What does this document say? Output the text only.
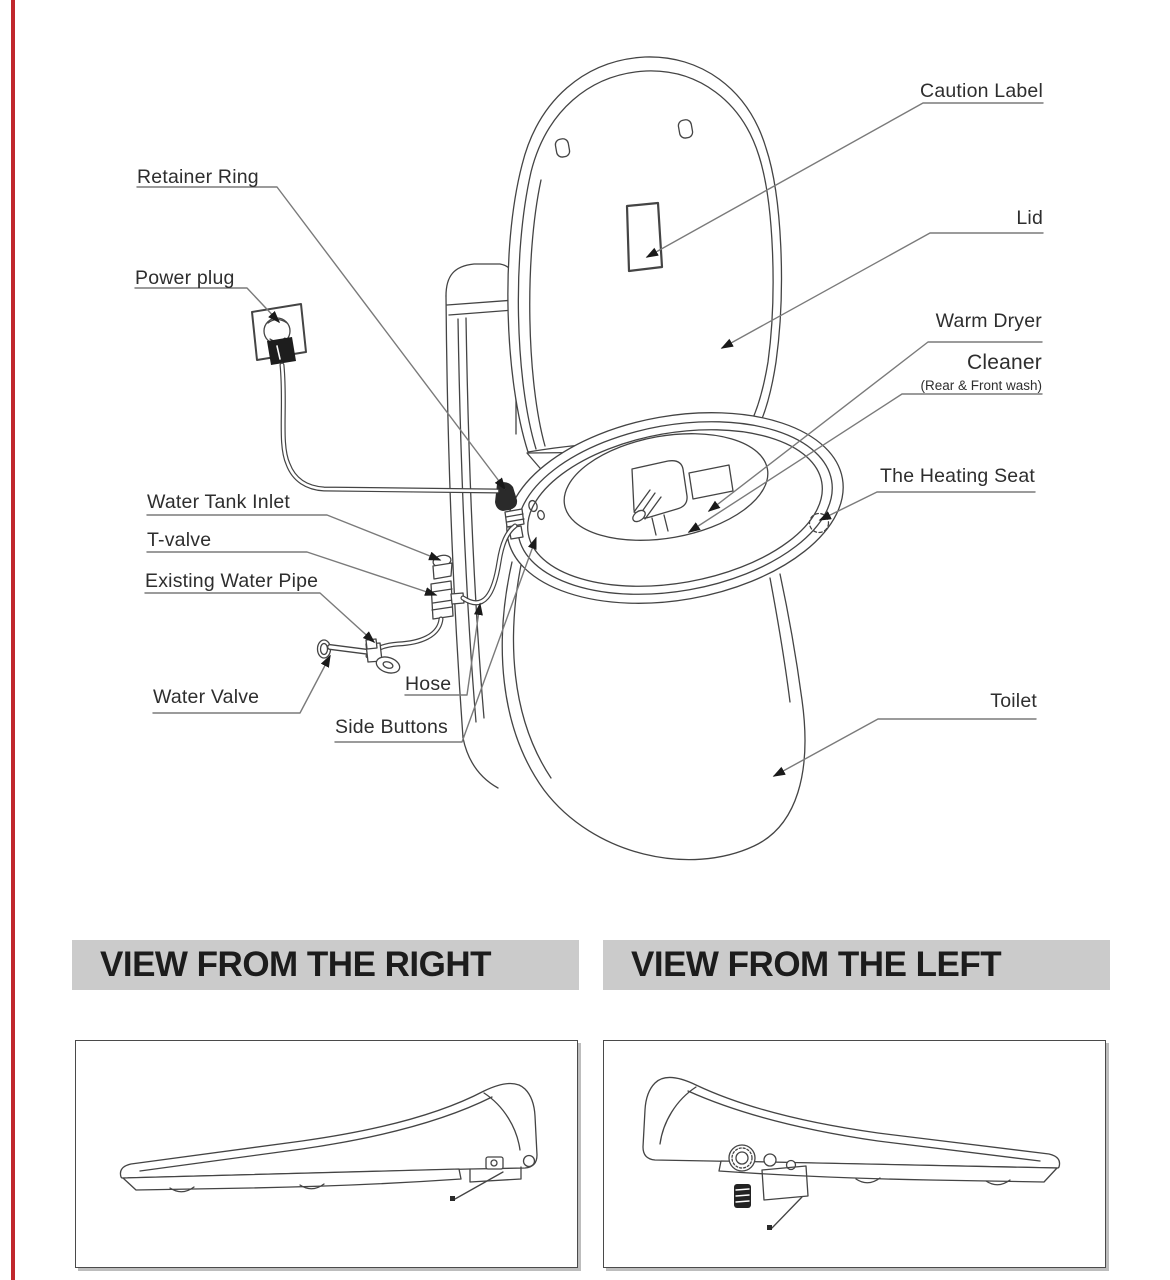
VIEW FROM THE RIGHT	VIEW FROM THE LEFT
Retainer Ring
Power plug
Water Tank Inlet
T-valve
Existing Water Pipe
Water Valve
Hose
Side Buttons
Caution Label
Lid
Warm Dryer
Cleaner
(Rear & Front wash)
The Heating Seat
Toilet
